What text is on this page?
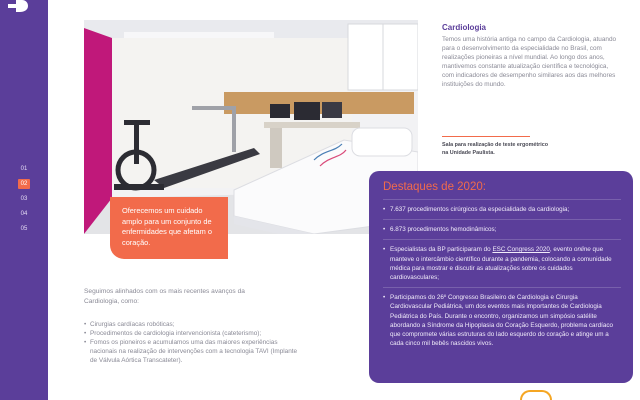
01
02
03
04
05
Oferecemos um cuidado amplo para um conjunto de enfermidades que afetam o coração.
Cardiologia

Temos uma história antiga no campo da Cardiologia, atuando para o desenvolvimento da especialidade no Brasil, com realizações pioneiras a nível mundial. Ao longo dos anos, mantivemos constante atualização científica e tecnológica, com indicadores de desempenho similares aos das melhores instituições do mundo.

Sala para realização de teste ergométrico na Unidade Paulista.

Seguimos alinhados com os mais recentes avanços da Cardiologia, como:

• Cirurgias cardíacas robóticas;
• Procedimentos de cardiologia intervencionista (cateterismo);
• Fomos os pioneiros e acumulamos uma das maiores experiências nacionais na realização de intervenções com a tecnologia TAVI (Implante de Válvula Aórtica Transcateter).
Destaques de 2020:
• 7.637 procedimentos cirúrgicos da especialidade da cardiologia;
• 6.873 procedimentos hemodinâmicos;
• Especialistas da BP participaram do ESC Congress 2020, evento online que manteve o intercâmbio científico durante a pandemia, colocando a comunidade médica para mostrar e discutir as atualizações sobre os cuidados cardiovasculares;
• Participamos do 26º Congresso Brasileiro de Cardiologia e Cirurgia Cardiovascular Pediátrica, um dos eventos mais importantes de Cardiologia Pediátrica do País. Durante o encontro, organizamos um simpósio satélite abordando a Síndrome da Hipoplasia do Coração Esquerdo, problema cardíaco que compromete várias estruturas do lado esquerdo do coração e atinge um a cada cinco mil bebês nascidos vivos.
